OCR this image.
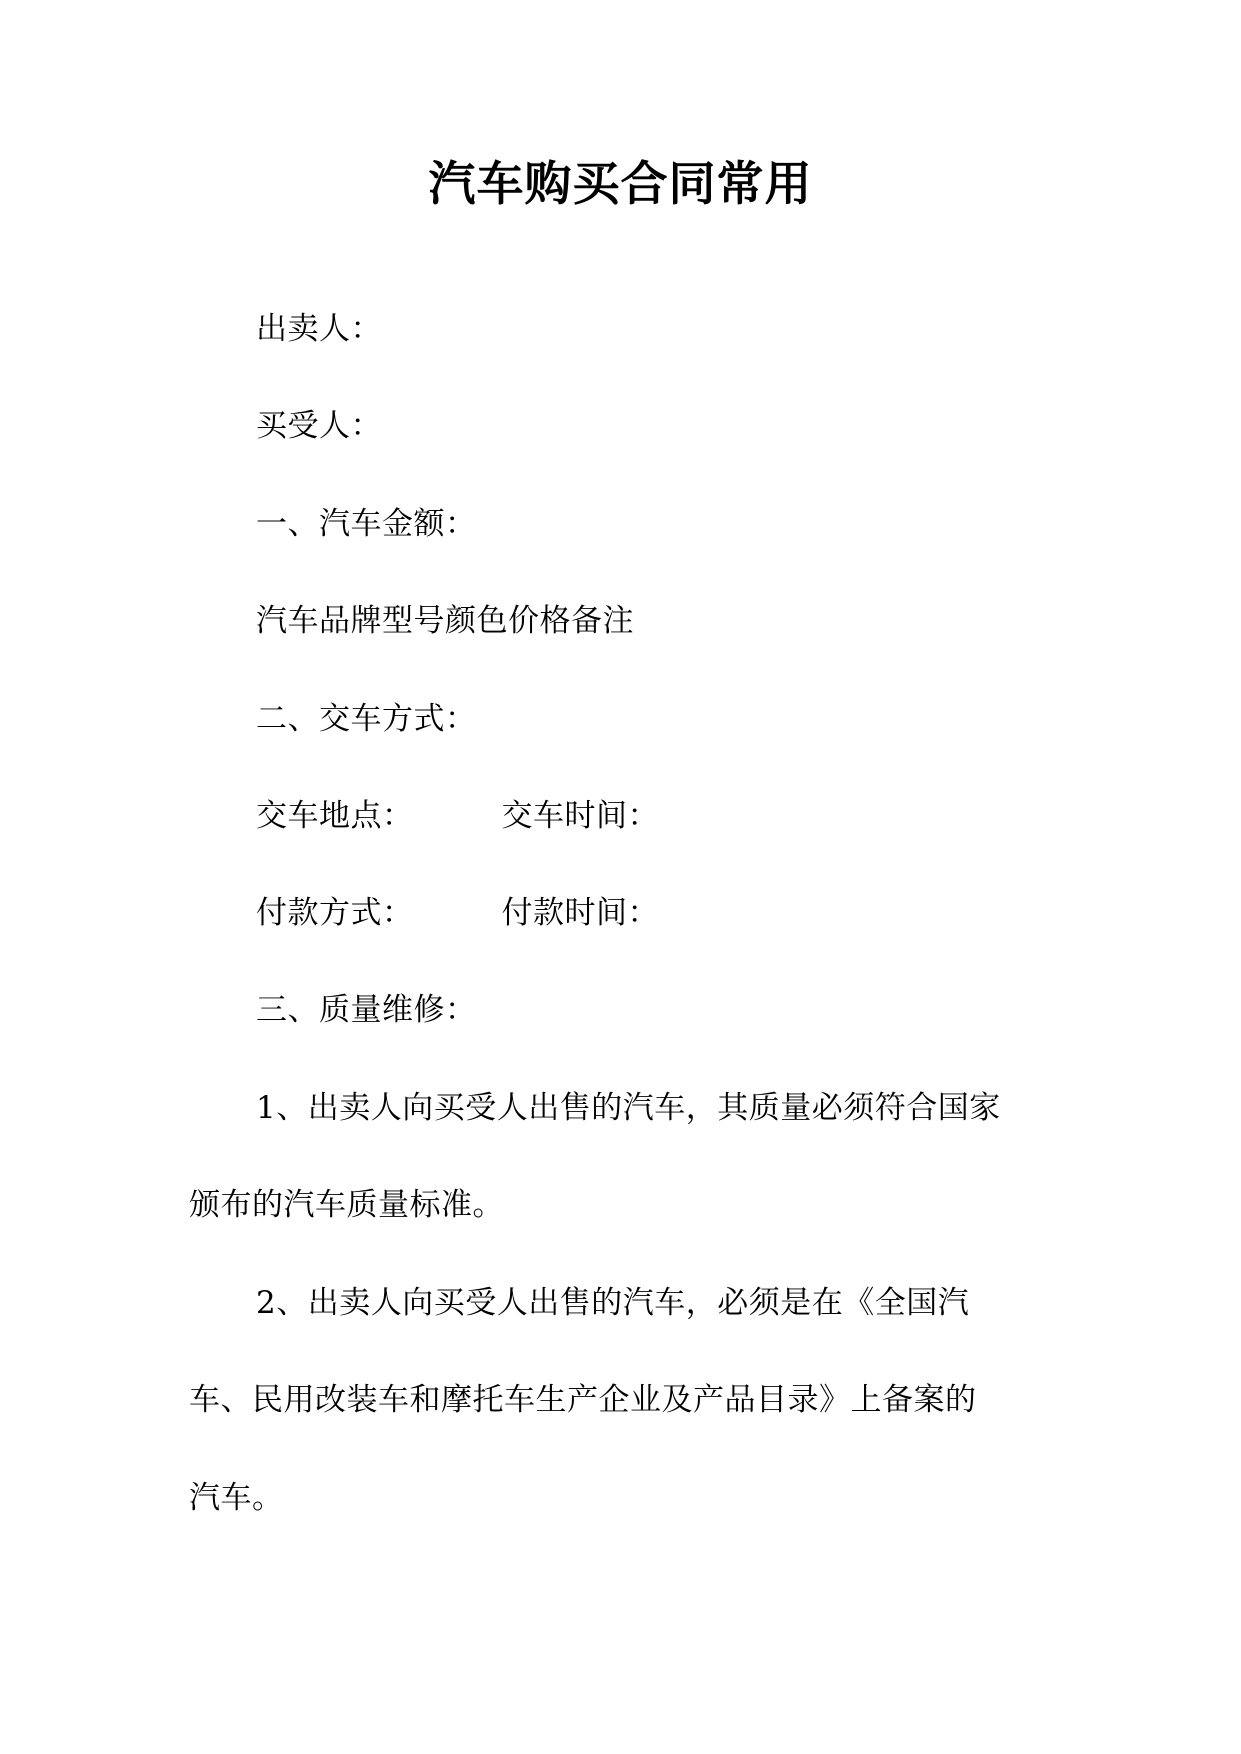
汽车购买合同常用
出卖人：
买受人：
一、汽车金额：
汽车品牌型号颜色价格备注
二、交车方式：
交车地点：	交车时间：
付款方式：	付款时间：
三、质量维修：
1、出卖人向买受人出售的汽车，其质量必须符合国家
颁布的汽车质量标准。
2、出卖人向买受人出售的汽车，必须是在《全国汽
车、民用改装车和摩托车生产企业及产品目录》上备案的
汽车。
